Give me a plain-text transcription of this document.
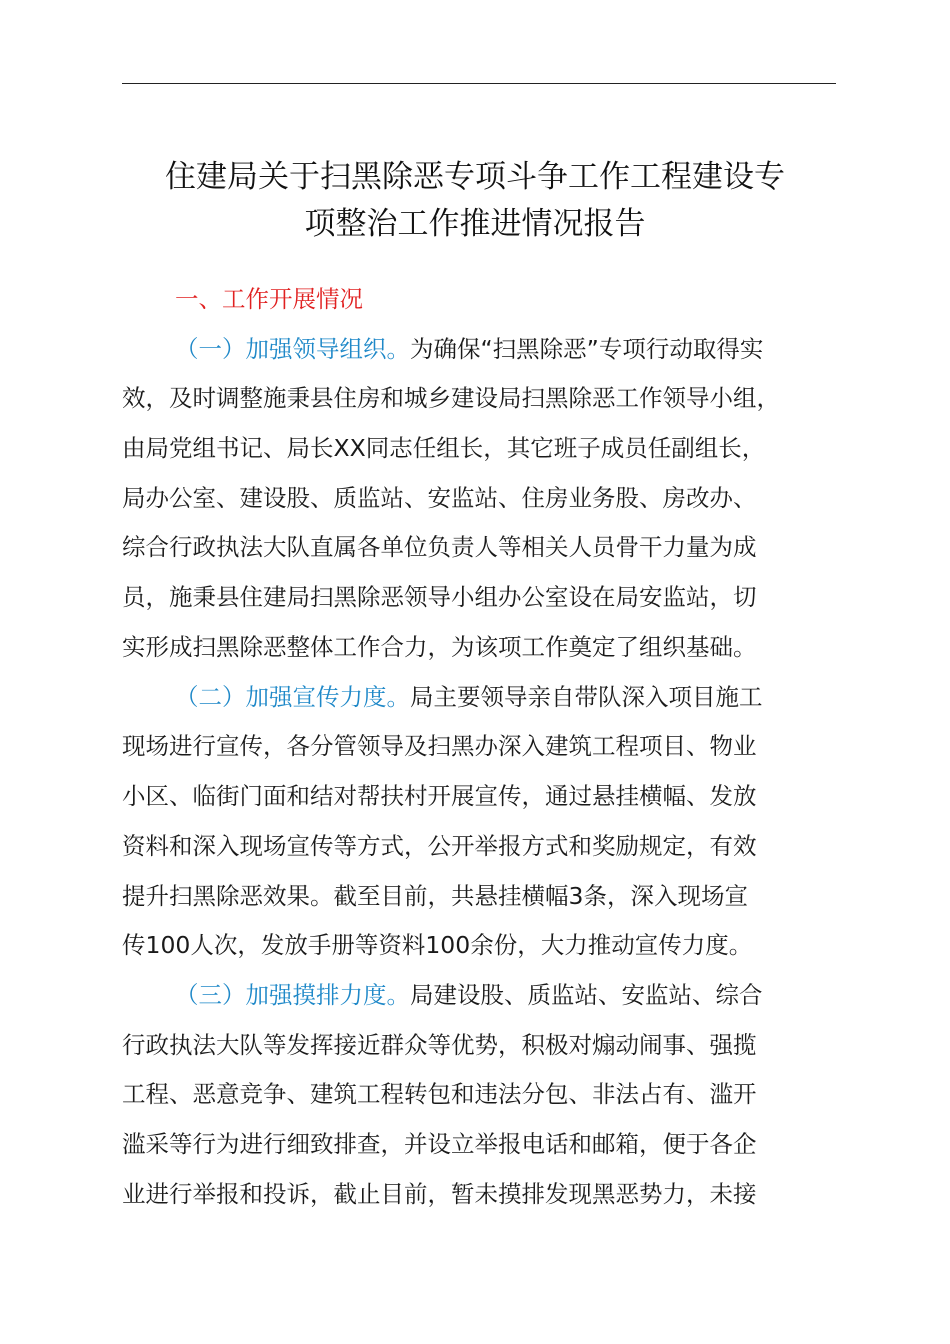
住建局关于扫黑除恶专项斗争工作工程建设专
项整治工作推进情况报告
一、工作开展情况
（一）加强领导组织。为确保“扫黑除恶”专项行动取得实
效，及时调整施秉县住房和城乡建设局扫黑除恶工作领导小组，
由局党组书记、局长XX同志任组长，其它班子成员任副组长，
局办公室、建设股、质监站、安监站、住房业务股、房改办、
综合行政执法大队直属各单位负责人等相关人员骨干力量为成
员，施秉县住建局扫黑除恶领导小组办公室设在局安监站，切
实形成扫黑除恶整体工作合力，为该项工作奠定了组织基础。
（二）加强宣传力度。局主要领导亲自带队深入项目施工
现场进行宣传，各分管领导及扫黑办深入建筑工程项目、物业
小区、临街门面和结对帮扶村开展宣传，通过悬挂横幅、发放
资料和深入现场宣传等方式，公开举报方式和奖励规定，有效
提升扫黑除恶效果。截至目前，共悬挂横幅3条，深入现场宣
传100人次，发放手册等资料100余份，大力推动宣传力度。
（三）加强摸排力度。局建设股、质监站、安监站、综合
行政执法大队等发挥接近群众等优势，积极对煽动闹事、强揽
工程、恶意竞争、建筑工程转包和违法分包、非法占有、滥开
滥采等行为进行细致排查，并设立举报电话和邮箱，便于各企
业进行举报和投诉，截止目前，暂未摸排发现黑恶势力，未接
